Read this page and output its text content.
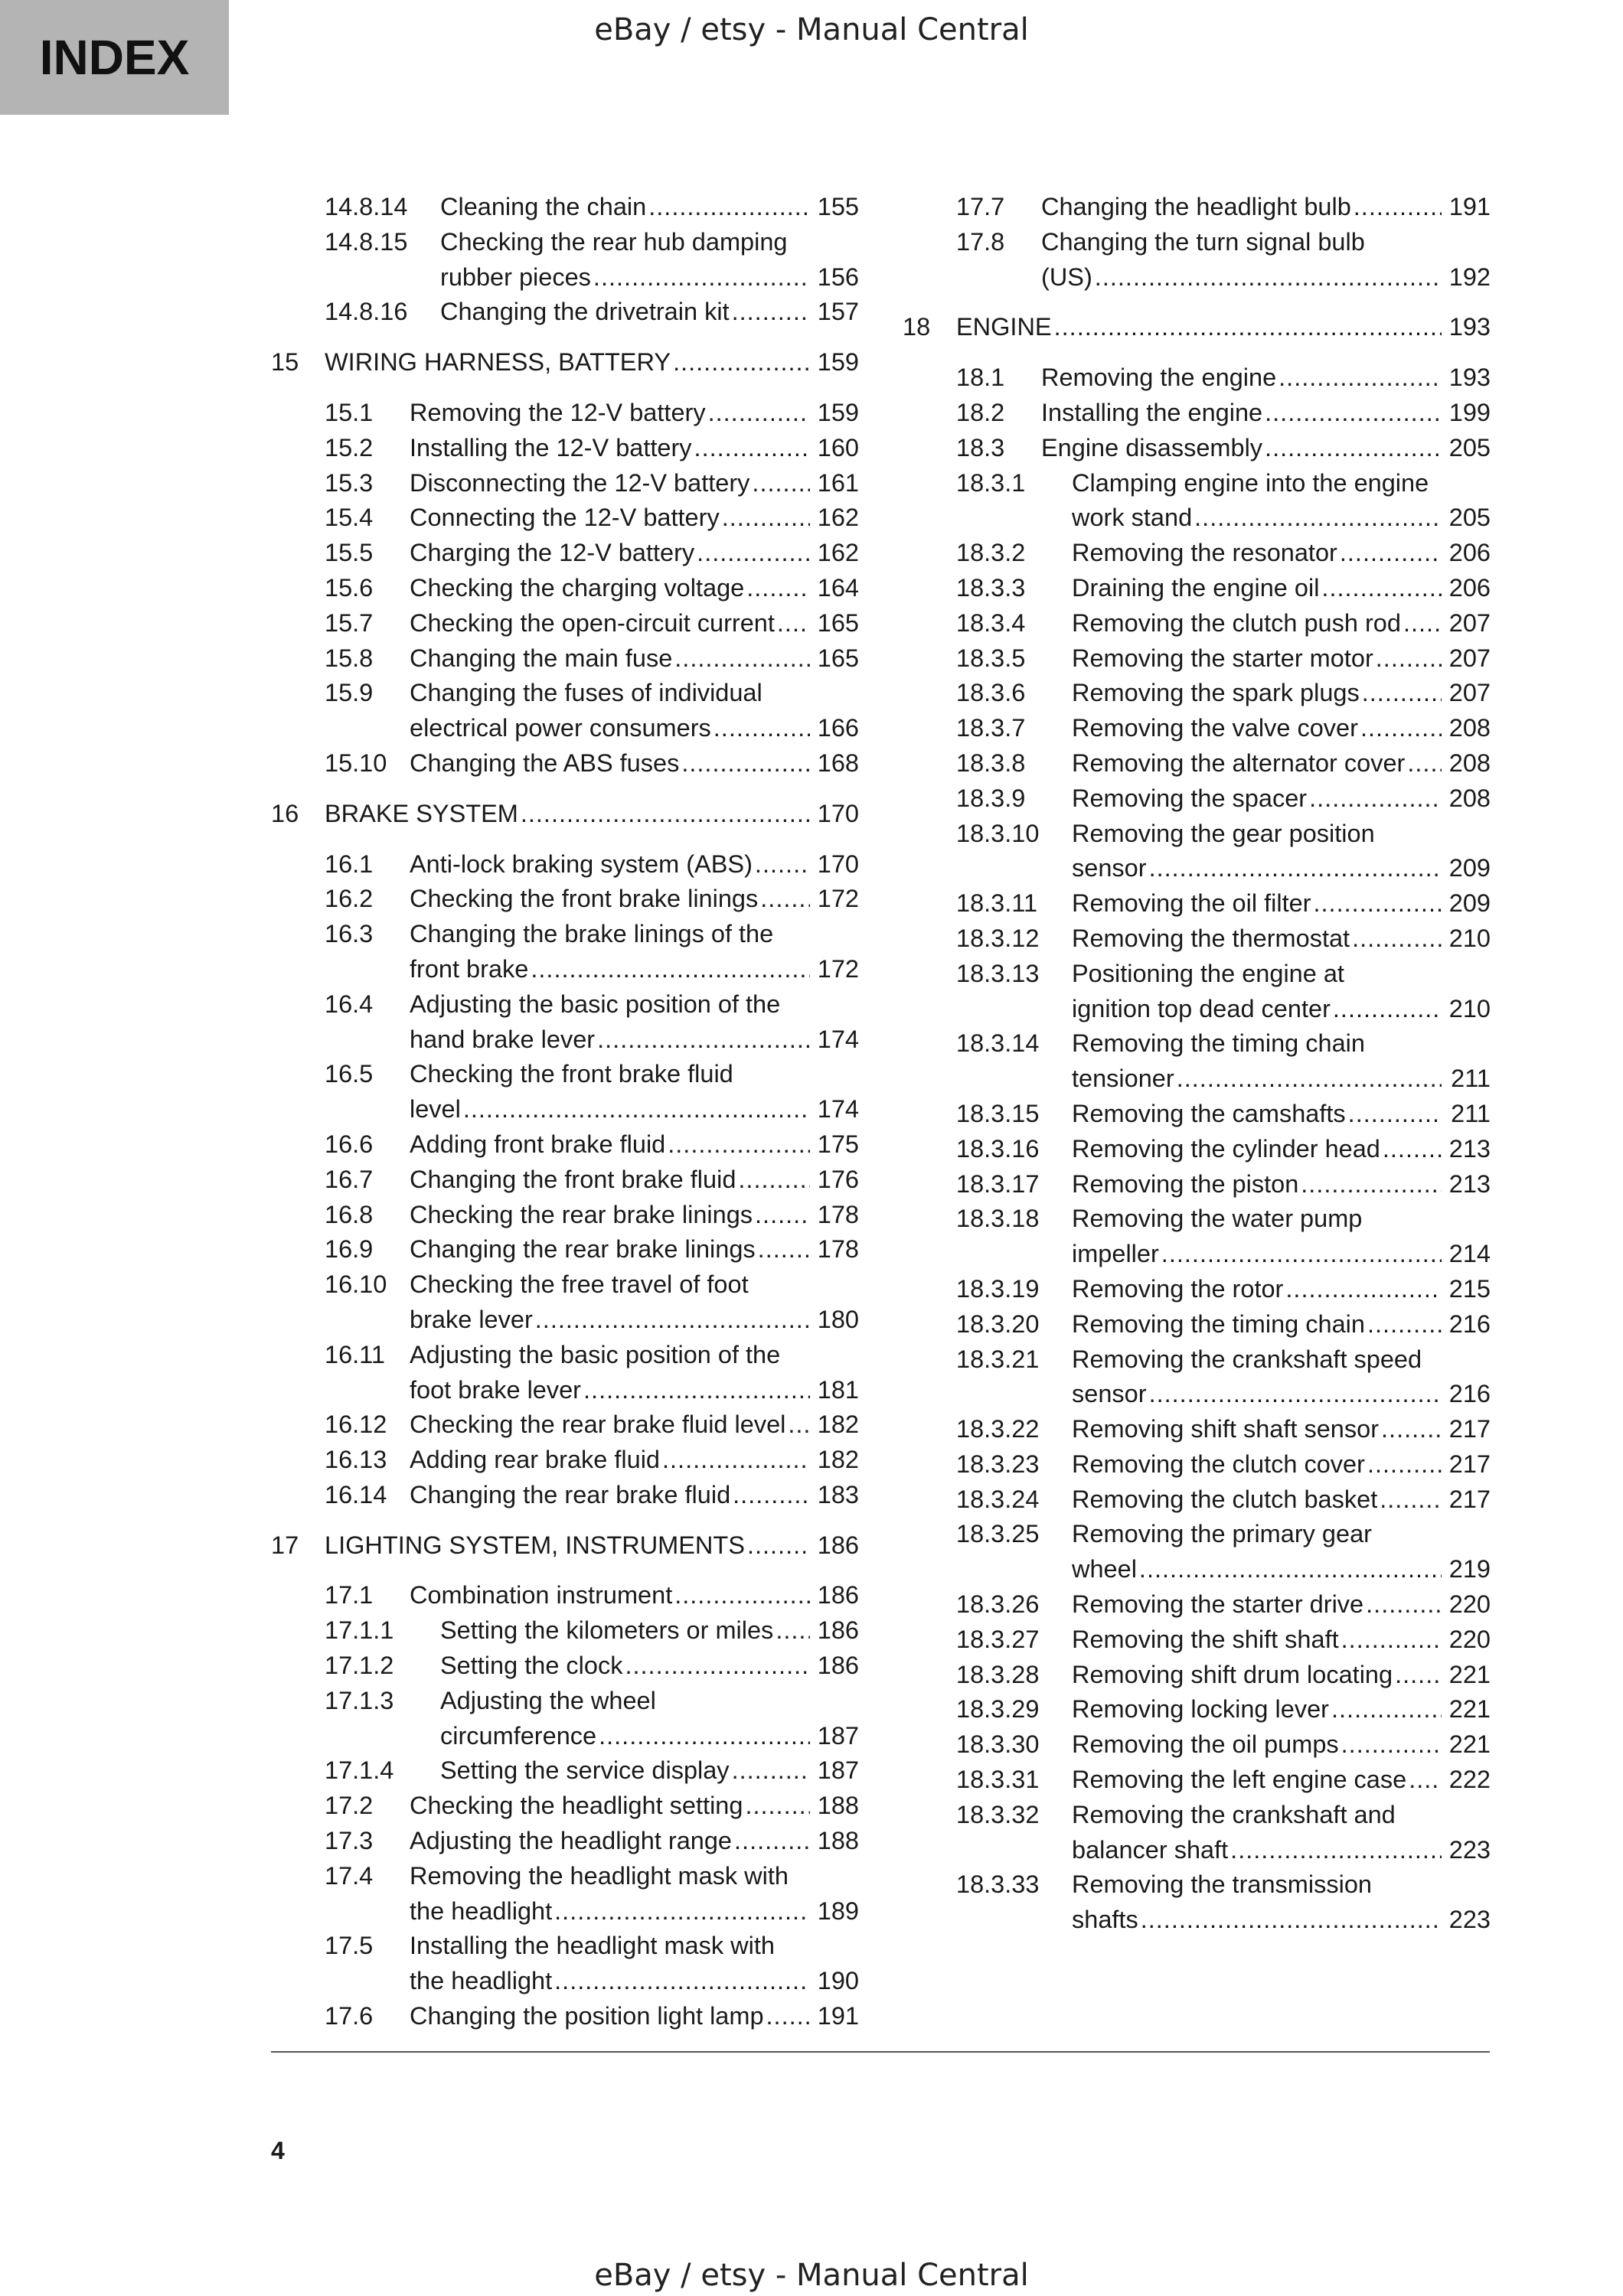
INDEX	eBay / etsy - Manual Central
14.8.14	Cleaning the chain .....	155
14.8.15	Checking the rear hub damping
rubber pieces .....	156
14.8.16	Changing the drivetrain kit .....	157
15	WIRING HARNESS, BATTERY .....	159
15.1	Removing the 12-V battery .....	159
15.2	Installing the 12-V battery .....	160
15.3	Disconnecting the 12-V battery .....	161
15.4	Connecting the 12-V battery .....	162
15.5	Charging the 12-V battery .....	162
15.6	Checking the charging voltage .....	164
15.7	Checking the open-circuit current ..... 165
15.8	Changing the main fuse .....	165
15.9	Changing the fuses of individual
electrical power consumers .....	166
15.10 Changing the ABS fuses .....	168
16	BRAKE SYSTEM .....	170
16.1	Anti-lock braking system (ABS) .....	170
16.2	Checking the front brake linings ..... 172
16.3	Changing the brake linings of the
front brake .....	172
16.4	Adjusting the basic position of the
hand brake lever .....	174
16.5	Checking the front brake fluid
level .....	174
16.6	Adding front brake fluid .....	175
16.7	Changing the front brake fluid .....	176
16.8	Checking the rear brake linings .....	178
16.9	Changing the rear brake linings ..... 178
16.10 Checking the free travel of foot
brake lever .....	180
16.11 Adjusting the basic position of the
foot brake lever .....	181
16.12 Checking the rear brake fluid level ..... 182
16.13 Adding rear brake fluid .....	182
16.14 Changing the rear brake fluid .....	183
17	LIGHTING SYSTEM, INSTRUMENTS .....	186
17.1	Combination instrument .....	186
17.1.1	Setting the kilometers or miles ..... 186
17.1.2	Setting the clock .....	186
17.1.3	Adjusting the wheel
circumference .....	187
17.1.4	Setting the service display .....	187
17.2	Checking the headlight setting .....	188
17.3	Adjusting the headlight range .....	188
17.4	Removing the headlight mask with
the headlight .....	189
17.5	Installing the headlight mask with
the headlight .....	190
17.6	Changing the position light lamp ..... 191
17.7	Changing the headlight bulb .....	191
17.8	Changing the turn signal bulb
(US) .....	192
18	ENGINE .....	193
18.1	Removing the engine .....	193
18.2	Installing the engine .....	199
18.3	Engine disassembly .....	205
18.3.1	Clamping engine into the engine
work stand .....	205
18.3.2	Removing the resonator .....	206
18.3.3	Draining the engine oil .....	206
18.3.4	Removing the clutch push rod ..... 207
18.3.5	Removing the starter motor .....	207
18.3.6	Removing the spark plugs .....	207
18.3.7	Removing the valve cover .....	208
18.3.8	Removing the alternator cover ..... 208
18.3.9	Removing the spacer .....	208
18.3.10	Removing the gear position
sensor .....	209
18.3.11	Removing the oil filter .....	209
18.3.12	Removing the thermostat .....	210
18.3.13	Positioning the engine at
ignition top dead center .....	210
18.3.14	Removing the timing chain
tensioner .....	211
18.3.15	Removing the camshafts .....	211
18.3.16	Removing the cylinder head .....	213
18.3.17	Removing the piston .....	213
18.3.18	Removing the water pump
impeller .....	214
18.3.19	Removing the rotor .....	215
18.3.20	Removing the timing chain .....	216
18.3.21	Removing the crankshaft speed
sensor .....	216
18.3.22	Removing shift shaft sensor .....	217
18.3.23	Removing the clutch cover .....	217
18.3.24	Removing the clutch basket .....	217
18.3.25	Removing the primary gear
wheel .....	219
18.3.26	Removing the starter drive .....	220
18.3.27	Removing the shift shaft .....	220
18.3.28	Removing shift drum locating ..... 221
18.3.29	Removing locking lever .....	221
18.3.30	Removing the oil pumps .....	221
18.3.31	Removing the left engine case ..... 222
18.3.32	Removing the crankshaft and
balancer shaft .....	223
18.3.33	Removing the transmission
shafts .....	223
4
eBay / etsy - Manual Central
